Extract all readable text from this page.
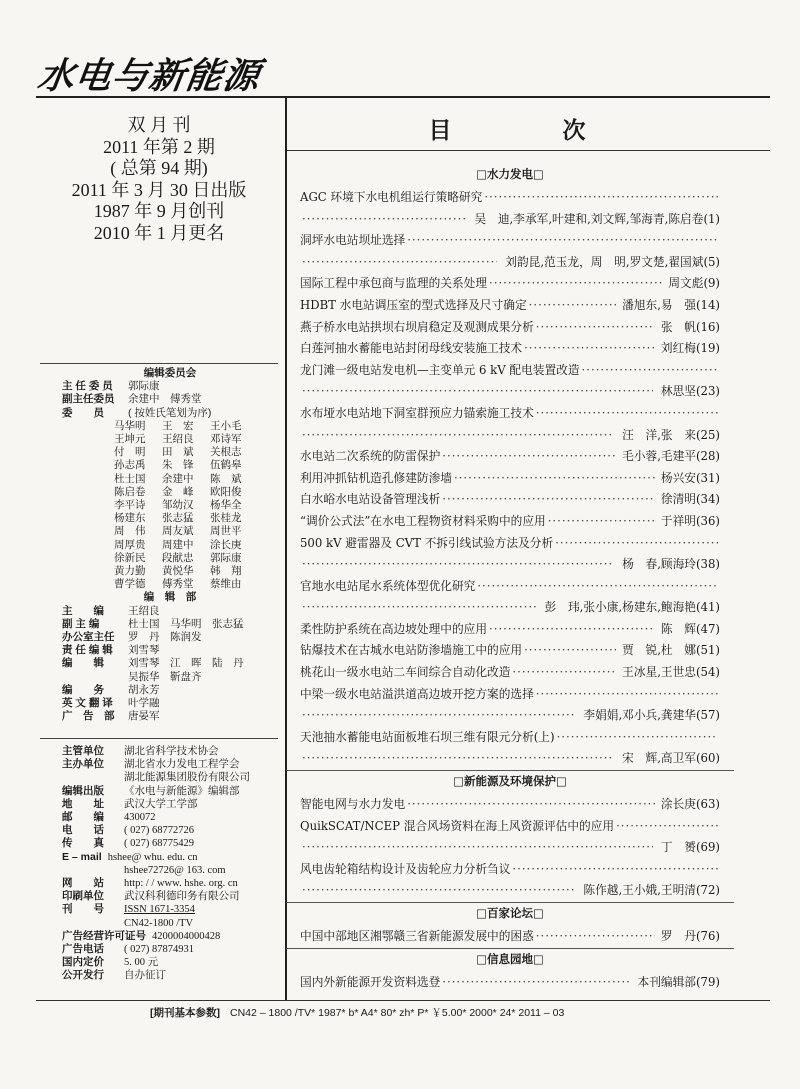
水电与新能源
双 月 刊
2011 年第 2 期
( 总第 94 期)
2011 年 3 月 30 日出版
1987 年 9 月创刊
2010 年 1 月更名
编辑委员会
主 任 委 员	郭际康
副主任委员	余建中　傅秀堂
委　　员	( 按姓氏笔划为序)
马华明	王　宏	王小毛
王坤元	王绍良	邓诗军
付　明	田　斌	关根志
孙志禹	朱　锋	伍鹤皋
杜士国	余建中	陈　斌
陈启卷	金　峰	欧阳俊
李平诗	邹幼汉	杨华全
杨建东	张志猛	张桂龙
周　伟	周友斌	周世平
周厚贵	周建中	涂长庚
徐新民	段献忠	郭际康
黄力勤	黄悦华	韩　翔
曹学德	傅秀堂	蔡维由
编　辑　部
主　　编	王绍良
副 主 编	杜士国　马华明　张志猛
办公室主任	罗　丹　陈润发
责 任 编 辑	刘雪琴
编　　辑	刘雪琴　江　晖　陆　丹
吴振华　靳盘齐
编　　务	胡永芳
英 文 翻 译	叶学融
广　告　部	唐晏军
主管单位	湖北省科学技术协会
主办单位	湖北省水力发电工程学会
湖北能源集团股份有限公司
编辑出版	《水电与新能源》编辑部
地　　址	武汉大学工学部
邮　　编	430072
电　　话	( 027) 68772726
传　　真	( 027) 68775429
E – mail hshee@ whu. edu. cn
hshee72726@ 163. com
网　　站	http: / / www. hshe. org. cn
印刷单位	武汉科利德印务有限公司
刊　　号	ISSN 1671-3354
CN42-1800 /TV
广告经营许可证号 4200004000428
广告电话	( 027) 87874931
国内定价	5. 00 元
公开发行	自办征订
目　次
□水力发电□
AGC 环境下水电机组运行策略研究
·····
·····
吴　迪,李承军,叶建和,刘文辉,邹海青,陈启卷 (1)
洞坪水电站坝址选择
·····
·····
刘韵昆,范玉龙，周　明,罗文楚,翟国斌 (5)
国际工程中承包商与监理的关系处理 ·····	周文彪 (9)
HDBT 水电站调压室的型式选择及尺寸确定 ·····	潘旭东,易　强 (14)
燕子桥水电站拱坝右坝肩稳定及观测成果分析 ·····	张　帆 (16)
白莲河抽水蓄能电站封闭母线安装施工技术 ·····	刘红梅 (19)
龙门滩一级电站发电机—主变单元 6 kV 配电装置改造
·····
·····
林思坚 (23)
水布垭水电站地下洞室群预应力锚索施工技术
·····
·····
汪　洋,张　来 (25)
水电站二次系统的防雷保护 ·····	毛小蓉,毛建平 (28)
利用冲抓钻机造孔修建防渗墙 ·····	杨兴安 (31)
白水峪水电站设备管理浅析 ·····	徐清明 (34)
“调价公式法”在水电工程物资材料采购中的应用 ·····	于祥明 (36)
500 kV 避雷器及 CVT 不拆引线试验方法及分析
·····
·····
杨　春,顾海玲 (38)
官地水电站尾水系统体型优化研究
·····
·····
彭　玮,张小康,杨建东,鲍海艳 (41)
柔性防护系统在高边坡处理中的应用 ·····	陈　辉 (47)
钻爆技术在古城水电站防渗墙施工中的应用 ·····	贾　锐,杜　娜 (51)
桃花山一级水电站二车间综合自动化改造 ·····	王冰星,王世忠 (54)
中梁一级水电站溢洪道高边坡开挖方案的选择
·····
·····
李娟娟,邓小兵,龚建华 (57)
天池抽水蓄能电站面板堆石坝三维有限元分析(上)
·····
·····
宋　辉,高卫军 (60)
□新能源及环境保护□
智能电网与水力发电 ·····	涂长庚 (63)
QuikSCAT/NCEP 混合风场资料在海上风资源评估中的应用
·····
·····
丁　赟 (69)
风电齿轮箱结构设计及齿轮应力分析刍议
·····
·····
陈作越,王小娥,王明清 (72)
□百家论坛□
中国中部地区湘鄂赣三省新能源发展中的困惑 ·····	罗　丹 (76)
□信息园地□
国内外新能源开发资料选登 ·····	本刊编辑部 (79)
[期刊基本参数] CN42 – 1800 /TV* 1987* b* A4* 80* zh* P* ￥5.00* 2000* 24* 2011 – 03
